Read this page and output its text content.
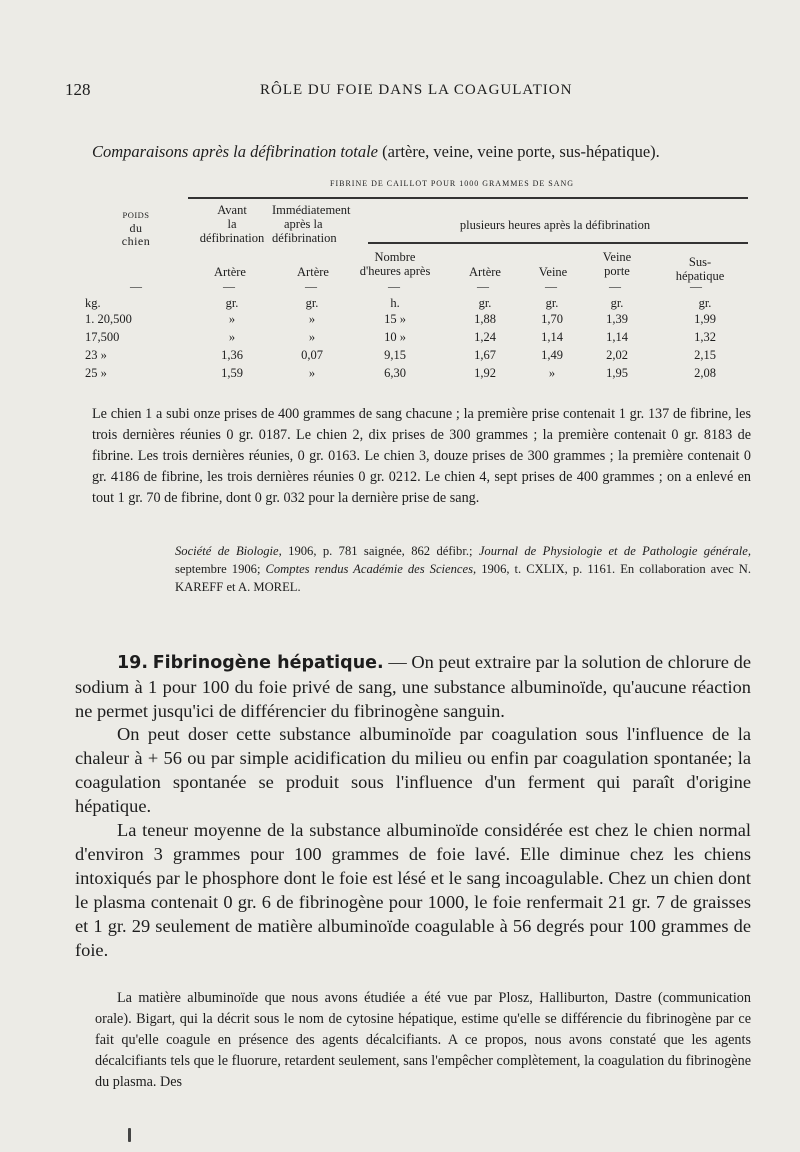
128	RÔLE DU FOIE DANS LA COAGULATION
Comparaisons après la défibrination totale (artère, veine, veine porte, sus-hépatique).
FIBRINE DE CAILLOT POUR 1000 GRAMMES DE SANG
POIDS
du
chien
Avant
la
défibrination
Immédiatement
après la
défibrination
plusieurs heures après la défibrination
Artère	Artère
Nombre
d'heures après	Artère	Veine
Veine
porte
Sus-
hépatique
—	—	—	—	—	—	—	—
kg.	gr.	gr.	h.	gr.	gr.	gr.	gr.
1. 20,500	»	»	15 »	1,88	1,70	1,39	1,99
17,500	»	»	10 »	1,24	1,14	1,14	1,32
23 »	1,36	0,07	9,15	1,67	1,49	2,02	2,15
25 »	1,59	»	6,30	1,92	»	1,95	2,08
Le chien 1 a subi onze prises de 400 grammes de sang chacune ; la première prise contenait 1 gr. 137 de fibrine, les trois dernières réunies 0 gr. 0187. Le chien 2, dix prises de 300 grammes ; la première contenait 0 gr. 8183 de fibrine. Les trois dernières réunies, 0 gr. 0163. Le chien 3, douze prises de 300 grammes ; la première contenait 0 gr. 4186 de fibrine, les trois dernières réunies 0 gr. 0212. Le chien 4, sept prises de 400 grammes ; on a enlevé en tout 1 gr. 70 de fibrine, dont 0 gr. 032 pour la dernière prise de sang.
Société de Biologie, 1906, p. 781 saignée, 862 défibr.; Journal de Physiologie et de Pathologie générale, septembre 1906; Comptes rendus Académie des Sciences, 1906, t. CXLIX, p. 1161. En collaboration avec N. KAREFF et A. MOREL.
19. Fibrinogène hépatique. — On peut extraire par la solution de chlorure de sodium à 1 pour 100 du foie privé de sang, une substance albuminoïde, qu'aucune réaction ne permet jusqu'ici de différencier du fibrinogène sanguin.
On peut doser cette substance albuminoïde par coagulation sous l'influence de la chaleur à + 56 ou par simple acidification du milieu ou enfin par coagulation spontanée; la coagulation spontanée se produit sous l'influence d'un ferment qui paraît d'origine hépatique.
La teneur moyenne de la substance albuminoïde considérée est chez le chien normal d'environ 3 grammes pour 100 grammes de foie lavé. Elle diminue chez les chiens intoxiqués par le phosphore dont le foie est lésé et le sang incoagulable. Chez un chien dont le plasma contenait 0 gr. 6 de fibrinogène pour 1000, le foie renfermait 21 gr. 7 de graisses et 1 gr. 29 seulement de matière albuminoïde coagulable à 56 degrés pour 100 grammes de foie.
La matière albuminoïde que nous avons étudiée a été vue par Plosz, Halliburton, Dastre (communication orale). Bigart, qui la décrit sous le nom de cytosine hépatique, estime qu'elle se différencie du fibrinogène par ce fait qu'elle coagule en présence des agents décalcifiants. A ce propos, nous avons constaté que les agents décalcifiants tels que le fluorure, retardent seulement, sans l'empêcher complètement, la coagulation du fibrinogène du plasma. Des
